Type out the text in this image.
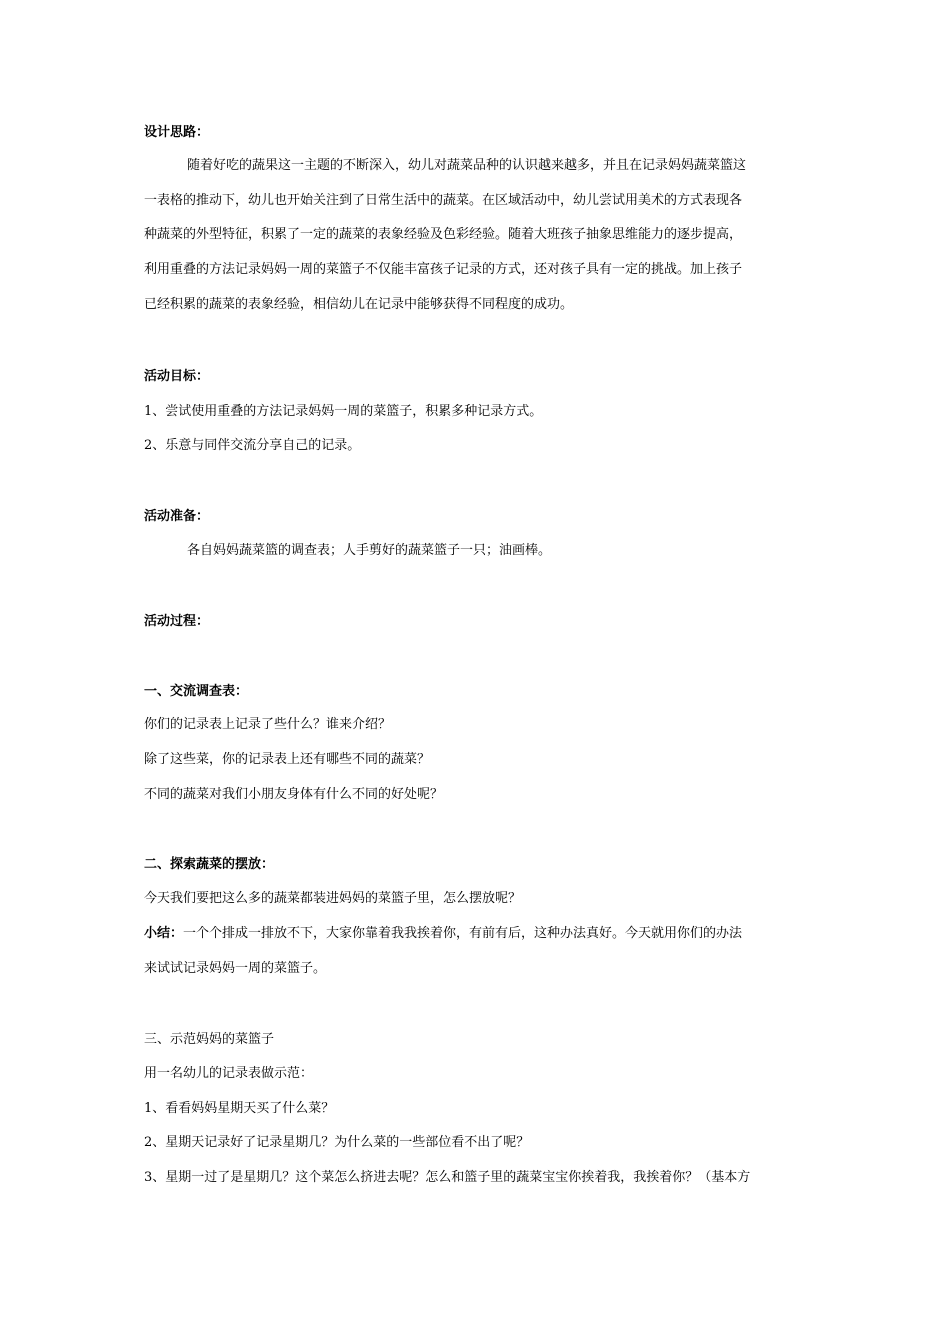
设计思路：
随着好吃的蔬果这一主题的不断深入，幼儿对蔬菜品种的认识越来越多，并且在记录妈妈蔬菜篮这
一表格的推动下，幼儿也开始关注到了日常生活中的蔬菜。在区域活动中，幼儿尝试用美术的方式表现各
种蔬菜的外型特征，积累了一定的蔬菜的表象经验及色彩经验。随着大班孩子抽象思维能力的逐步提高，
利用重叠的方法记录妈妈一周的菜篮子不仅能丰富孩子记录的方式，还对孩子具有一定的挑战。加上孩子
已经积累的蔬菜的表象经验，相信幼儿在记录中能够获得不同程度的成功。
活动目标：
1、尝试使用重叠的方法记录妈妈一周的菜篮子，积累多种记录方式。
2、乐意与同伴交流分享自己的记录。
活动准备：
各自妈妈蔬菜篮的调查表；人手剪好的蔬菜篮子一只；油画棒。
活动过程：
一、交流调查表：
你们的记录表上记录了些什么？谁来介绍？
除了这些菜，你的记录表上还有哪些不同的蔬菜？
不同的蔬菜对我们小朋友身体有什么不同的好处呢？
二、探索蔬菜的摆放：
今天我们要把这么多的蔬菜都装进妈妈的菜篮子里，怎么摆放呢？
小结：一个个排成一排放不下，大家你靠着我我挨着你，有前有后，这种办法真好。今天就用你们的办法
来试试记录妈妈一周的菜篮子。
三、示范妈妈的菜篮子
用一名幼儿的记录表做示范：
1、看看妈妈星期天买了什么菜？
2、星期天记录好了记录星期几？为什么菜的一些部位看不出了呢？
3、星期一过了是星期几？这个菜怎么挤进去呢？怎么和篮子里的蔬菜宝宝你挨着我，我挨着你？（基本方
